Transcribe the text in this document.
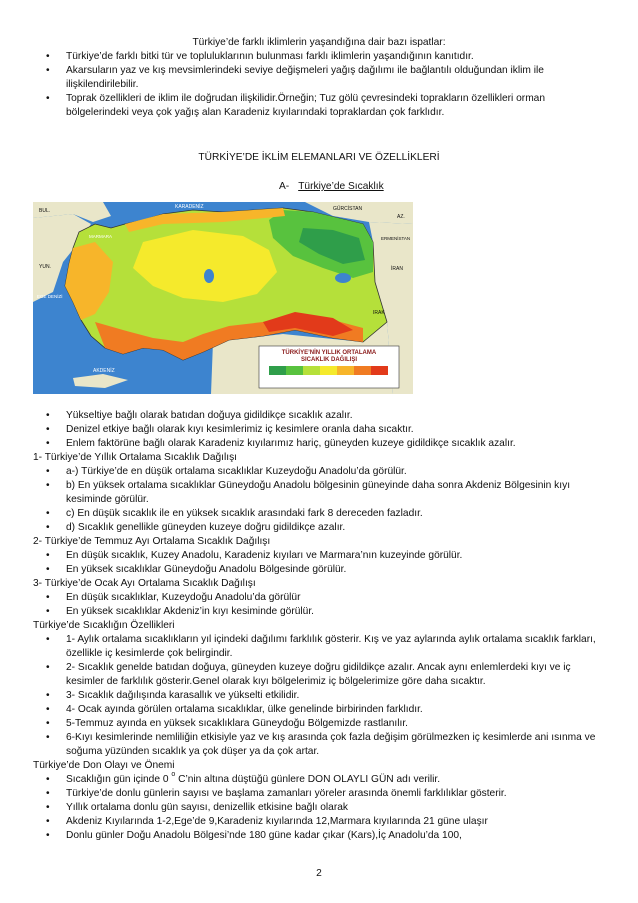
Türkiye’de farklı iklimlerin yaşandığına dair bazı ispatlar:
• Türkiye’de farklı bitki tür ve topluluklarının bulunması farklı iklimlerin yaşandığının kanıtıdır.
• Akarsuların yaz ve kış mevsimlerindeki seviye değişmeleri yağış dağılımı ile bağlantılı olduğundan iklim ile ilişkilendirilebilir.
• Toprak özellikleri de iklim ile doğrudan ilişkilidir.Örneğin; Tuz gölü çevresindeki toprakların özellikleri orman bölgelerindeki veya çok yağış alan Karadeniz kıyılarındaki topraklardan çok farklıdır.
TÜRKİYE’DE İKLİM ELEMANLARI VE ÖZELLİKLERİ
A- Türkiye’de Sıcaklık
BUL.
YUN.
KARADENİZ	GÜRCİSTAN
AZ.
ERMENİSTAN
İRAN
IRAK
EGE DENİZİ
AKDENİZ
MARMARA
TÜRKİYE’NİN YILLIK ORTALAMA
SICAKLIK DAĞILIŞI
• Yükseltiye bağlı olarak batıdan doğuya gidildikçe sıcaklık azalır.
• Denizel etkiye bağlı olarak kıyı kesimlerimiz iç kesimlere oranla daha sıcaktır.
• Enlem faktörüne bağlı olarak Karadeniz kıyılarımız hariç, güneyden kuzeye gidildikçe sıcaklık azalır.

1- Türkiye’de Yıllık Ortalama Sıcaklık Dağılışı

• a-) Türkiye’de en düşük ortalama sıcaklıklar Kuzeydoğu Anadolu’da görülür.
• b) En yüksek ortalama sıcaklıklar Güneydoğu Anadolu bölgesinin güneyinde daha sonra Akdeniz Bölgesinin kıyı kesiminde görülür.
• c) En düşük sıcaklık ile en yüksek sıcaklık arasındaki fark 8 dereceden fazladır.
• d) Sıcaklık genellikle güneyden kuzeye doğru gidildikçe azalır.

2- Türkiye’de Temmuz Ayı Ortalama Sıcaklık Dağılışı

• En düşük sıcaklık, Kuzey Anadolu, Karadeniz kıyıları ve Marmara’nın kuzeyinde görülür.
• En yüksek sıcaklıklar Güneydoğu Anadolu Bölgesinde görülür.

3- Türkiye’de Ocak Ayı Ortalama Sıcaklık Dağılışı

• En düşük sıcaklıklar, Kuzeydoğu Anadolu’da görülür
• En yüksek sıcaklıklar Akdeniz’in kıyı kesiminde görülür.

Türkiye’de Sıcaklığın Özellikleri

• 1- Aylık ortalama sıcaklıkların yıl içindeki dağılımı farklılık gösterir. Kış ve yaz aylarında aylık ortalama sıcaklık farkları, özellikle iç kesimlerde çok belirgindir.
• 2- Sıcaklık genelde batıdan doğuya, güneyden kuzeye doğru gidildikçe azalır. Ancak aynı enlemlerdeki kıyı ve iç kesimler de farklılık gösterir.Genel olarak kıyı bölgelerimiz iç bölgelerimize göre daha sıcaktır.
• 3- Sıcaklık dağılışında karasallık ve yükselti etkilidir.
• 4- Ocak ayında görülen ortalama sıcaklıklar, ülke genelinde birbirinden farklıdır.
• 5-Temmuz ayında en yüksek sıcaklıklara Güneydoğu Bölgemizde rastlanılır.
• 6-Kıyı kesimlerinde nemliliğin etkisiyle yaz ve kış arasında çok fazla değişim görülmezken iç kesimlerde ani ısınma ve soğuma yüzünden sıcaklık ya çok düşer ya da çok artar.

Türkiye’de Don Olayı ve Önemi

• Sıcaklığın gün içinde 0 $^o$ C’nin altına düştüğü günlere DON OLAYLI GÜN adı verilir.
• Türkiye’de donlu günlerin sayısı ve başlama zamanları yöreler arasında önemli farklılıklar gösterir.
• Yıllık ortalama donlu gün sayısı, denizellik etkisine bağlı olarak
• Akdeniz Kıyılarında 1-2,Ege’de 9,Karadeniz kıyılarında 12,Marmara kıyılarında 21 güne ulaşır
• Donlu günler Doğu Anadolu Bölgesi’nde 180 güne kadar çıkar (Kars),İç Anadolu’da 100,
2
